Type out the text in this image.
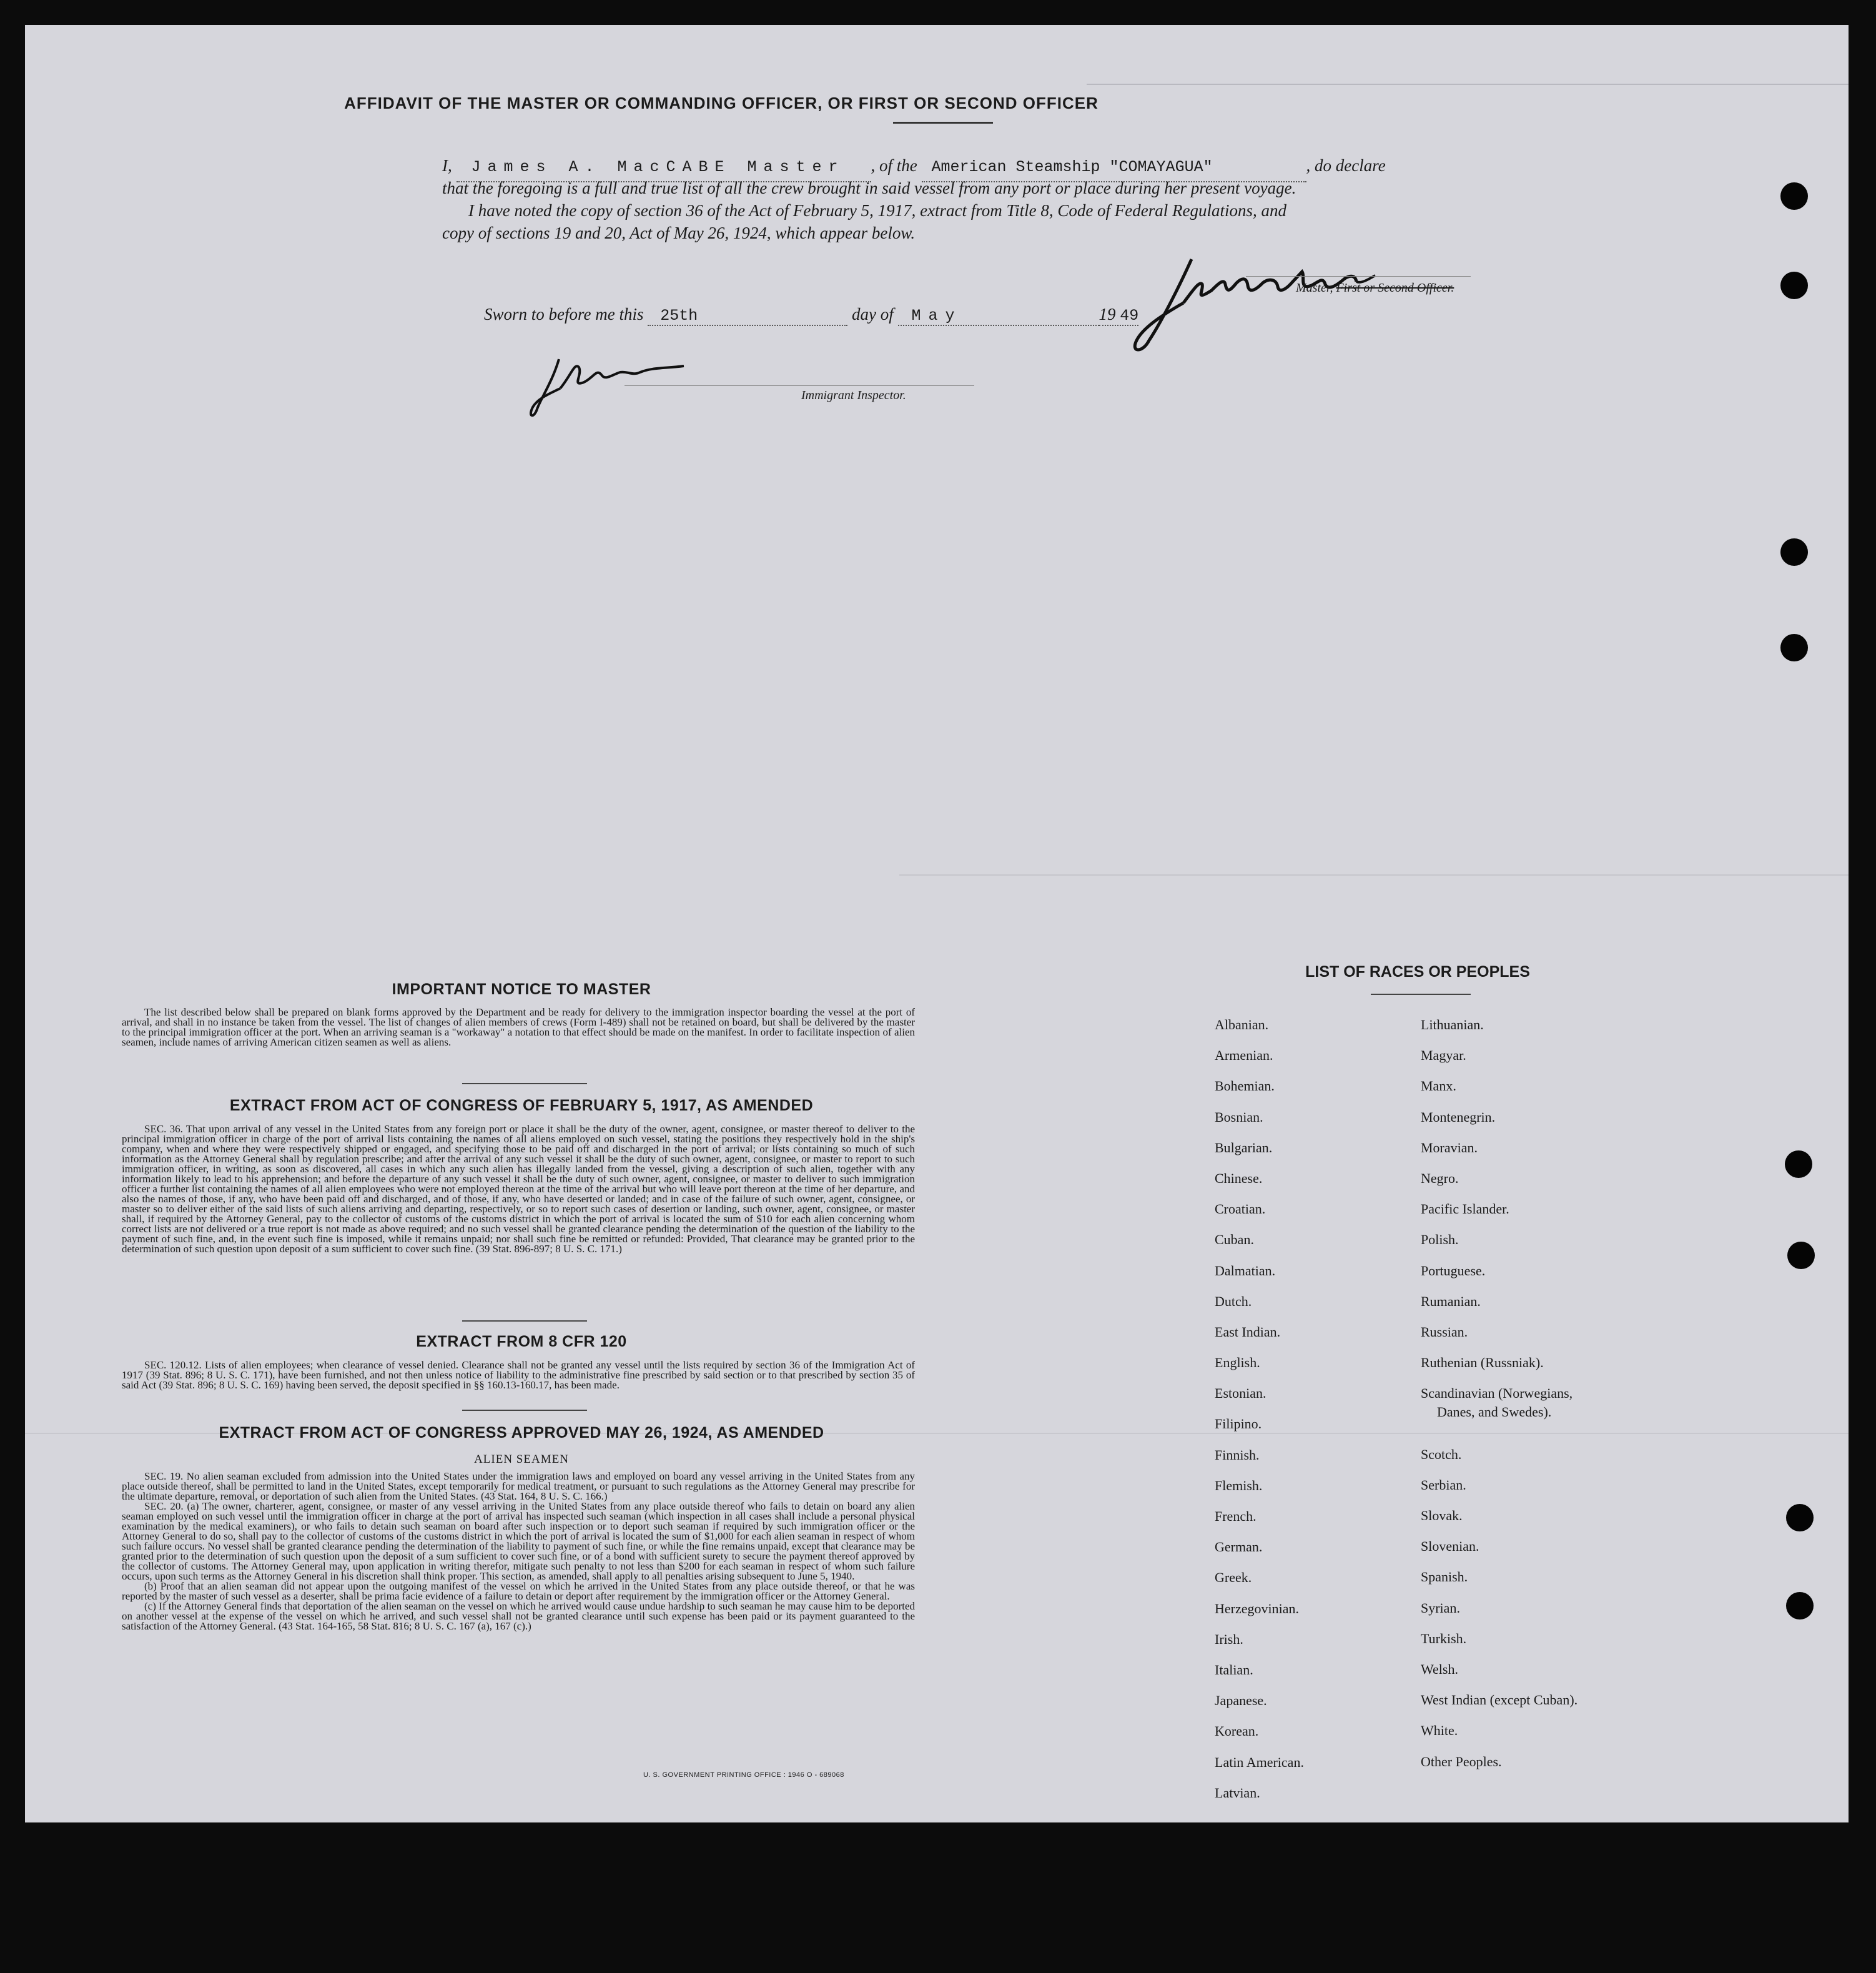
AFFIDAVIT OF THE MASTER OR COMMANDING OFFICER, OR FIRST OR SECOND OFFICER
I, James A. MacCABE Master , of the American Steamship "COMAYAGUA"	, do declare
that the foregoing is a full and true list of all the crew brought in said vessel from any port or place during her present voyage.
I have noted the copy of section 36 of the Act of February 5, 1917, extract from Title 8, Code of Federal Regulations, and
copy of sections 19 and 20, Act of May 26, 1924, which appear below.
Master, First or Second Officer.
Sworn to before me this 25th	day of May	19 49
Immigrant Inspector.
IMPORTANT NOTICE TO MASTER

The list described below shall be prepared on blank forms approved by the Department and be ready for delivery to the immigration inspector boarding the vessel at the port of arrival, and shall in no instance be taken from the vessel. The list of changes of alien members of crews (Form I-489) shall not be retained on board, but shall be delivered by the master to the principal immigration officer at the port. When an arriving seaman is a "workaway" a notation to that effect should be made on the manifest. In order to facilitate inspection of alien seamen, include names of arriving American citizen seamen as well as aliens.

EXTRACT FROM ACT OF CONGRESS OF FEBRUARY 5, 1917, AS AMENDED

SEC. 36. That upon arrival of any vessel in the United States from any foreign port or place it shall be the duty of the owner, agent, consignee, or master thereof to deliver to the principal immigration officer in charge of the port of arrival lists containing the names of all aliens employed on such vessel, stating the positions they respectively hold in the ship's company, when and where they were respectively shipped or engaged, and specifying those to be paid off and discharged in the port of arrival; or lists containing so much of such information as the Attorney General shall by regulation prescribe; and after the arrival of any such vessel it shall be the duty of such owner, agent, consignee, or master to report to such immigration officer, in writing, as soon as discovered, all cases in which any such alien has illegally landed from the vessel, giving a description of such alien, together with any information likely to lead to his apprehension; and before the departure of any such vessel it shall be the duty of such owner, agent, consignee, or master to deliver to such immigration officer a further list containing the names of all alien employees who were not employed thereon at the time of the arrival but who will leave port thereon at the time of her departure, and also the names of those, if any, who have been paid off and discharged, and of those, if any, who have deserted or landed; and in case of the failure of such owner, agent, consignee, or master so to deliver either of the said lists of such aliens arriving and departing, respectively, or so to report such cases of desertion or landing, such owner, agent, consignee, or master shall, if required by the Attorney General, pay to the collector of customs of the customs district in which the port of arrival is located the sum of $10 for each alien concerning whom correct lists are not delivered or a true report is not made as above required; and no such vessel shall be granted clearance pending the determination of the question of the liability to the payment of such fine, and, in the event such fine is imposed, while it remains unpaid; nor shall such fine be remitted or refunded: Provided, That clearance may be granted prior to the determination of such question upon deposit of a sum sufficient to cover such fine. (39 Stat. 896-897; 8 U. S. C. 171.)

EXTRACT FROM 8 CFR 120

SEC. 120.12. Lists of alien employees; when clearance of vessel denied. Clearance shall not be granted any vessel until the lists required by section 36 of the Immigration Act of 1917 (39 Stat. 896; 8 U. S. C. 171), have been furnished, and not then unless notice of liability to the administrative fine prescribed by said section or to that prescribed by section 35 of said Act (39 Stat. 896; 8 U. S. C. 169) having been served, the deposit specified in §§ 160.13-160.17, has been made.

EXTRACT FROM ACT OF CONGRESS APPROVED MAY 26, 1924, AS AMENDED
ALIEN SEAMEN

SEC. 19. No alien seaman excluded from admission into the United States under the immigration laws and employed on board any vessel arriving in the United States from any place outside thereof, shall be permitted to land in the United States, except temporarily for medical treatment, or pursuant to such regulations as the Attorney General may prescribe for the ultimate departure, removal, or deportation of such alien from the United States. (43 Stat. 164, 8 U. S. C. 166.)

SEC. 20. (a) The owner, charterer, agent, consignee, or master of any vessel arriving in the United States from any place outside thereof who fails to detain on board any alien seaman employed on such vessel until the immigration officer in charge at the port of arrival has inspected such seaman (which inspection in all cases shall include a personal physical examination by the medical examiners), or who fails to detain such seaman on board after such inspection or to deport such seaman if required by such immigration officer or the Attorney General to do so, shall pay to the collector of customs of the customs district in which the port of arrival is located the sum of $1,000 for each alien seaman in respect of whom such failure occurs. No vessel shall be granted clearance pending the determination of the liability to payment of such fine, or while the fine remains unpaid, except that clearance may be granted prior to the determination of such question upon the deposit of a sum sufficient to cover such fine, or of a bond with sufficient surety to secure the payment thereof approved by the collector of customs. The Attorney General may, upon application in writing therefor, mitigate such penalty to not less than $200 for each seaman in respect of whom such failure occurs, upon such terms as the Attorney General in his discretion shall think proper. This section, as amended, shall apply to all penalties arising subsequent to June 5, 1940.

(b) Proof that an alien seaman did not appear upon the outgoing manifest of the vessel on which he arrived in the United States from any place outside thereof, or that he was reported by the master of such vessel as a deserter, shall be prima facie evidence of a failure to detain or deport after requirement by the immigration officer or the Attorney General.

(c) If the Attorney General finds that deportation of the alien seaman on the vessel on which he arrived would cause undue hardship to such seaman he may cause him to be deported on another vessel at the expense of the vessel on which he arrived, and such vessel shall not be granted clearance until such expense has been paid or its payment guaranteed to the satisfaction of the Attorney General. (43 Stat. 164-165, 58 Stat. 816; 8 U. S. C. 167 (a), 167 (c).)

U. S. GOVERNMENT PRINTING OFFICE : 1946 O - 689068
LIST OF RACES OR PEOPLES
Albanian.
Armenian.
Bohemian.
Bosnian.
Bulgarian.
Chinese.
Croatian.
Cuban.
Dalmatian.
Dutch.
East Indian.
English.
Estonian.
Filipino.
Finnish.
Flemish.
French.
German.
Greek.
Herzegovinian.
Irish.
Italian.
Japanese.
Korean.
Latin American.
Latvian.
Lithuanian.
Magyar.
Manx.
Montenegrin.
Moravian.
Negro.
Pacific Islander.
Polish.
Portuguese.
Rumanian.
Russian.
Ruthenian (Russniak).
Scandinavian (Norwegians,
Danes, and Swedes).
Scotch.
Serbian.
Slovak.
Slovenian.
Spanish.
Syrian.
Turkish.
Welsh.
West Indian (except Cuban).
White.
Other Peoples.
